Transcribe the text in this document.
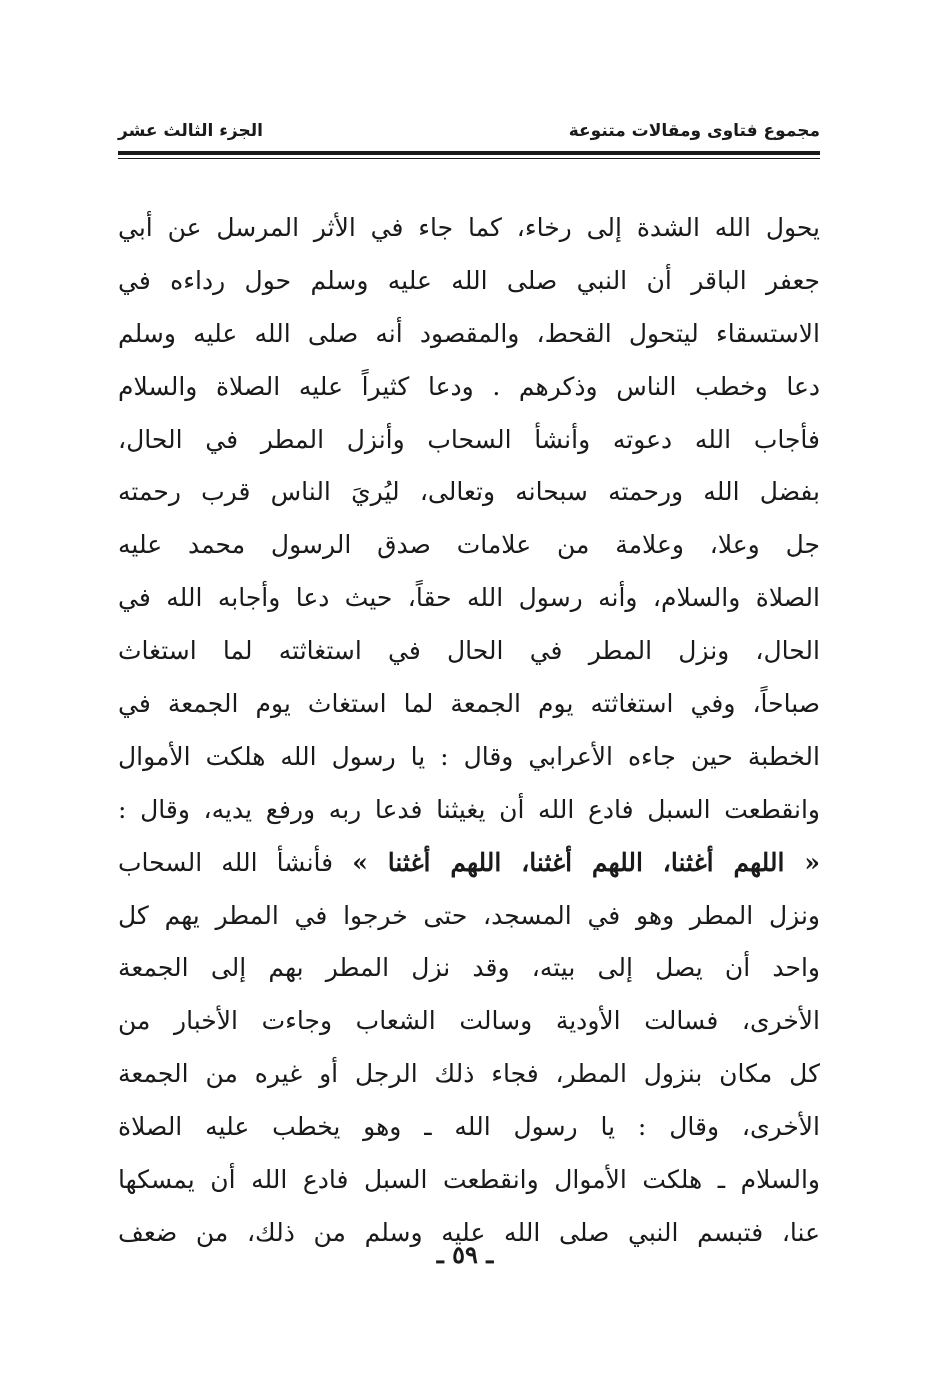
مجموع فتاوى ومقالات متنوعة
الجزء الثالث عشر
يحول الله الشدة إلى رخاء، كما جاء في الأثر المرسل عن أبي
جعفر الباقر أن النبي صلى الله عليه وسلم حول رداءه في
الاستسقاء ليتحول القحط، والمقصود أنه صلى الله عليه وسلم
دعا وخطب الناس وذكرهم . ودعا كثيراً عليه الصلاة والسلام
فأجاب الله دعوته وأنشأ السحاب وأنزل المطر في الحال،
بفضل الله ورحمته سبحانه وتعالى، ليُريَ الناس قرب رحمته
جل وعلا، وعلامة من علامات صدق الرسول محمد عليه
الصلاة والسلام، وأنه رسول الله حقاً، حيث دعا وأجابه الله في
الحال، ونزل المطر في الحال في استغاثته لما استغاث
صباحاً، وفي استغاثته يوم الجمعة لما استغاث يوم الجمعة في
الخطبة حين جاءه الأعرابي وقال : يا رسول الله هلكت الأموال
وانقطعت السبل فادع الله أن يغيثنا فدعا ربه ورفع يديه، وقال :
« اللهم أغثنا، اللهم أغثنا، اللهم أغثنا » فأنشأ الله السحاب
ونزل المطر وهو في المسجد، حتى خرجوا في المطر يهم كل
واحد أن يصل إلى بيته، وقد نزل المطر بهم إلى الجمعة
الأخرى، فسالت الأودية وسالت الشعاب وجاءت الأخبار من
كل مكان بنزول المطر، فجاء ذلك الرجل أو غيره من الجمعة
الأخرى، وقال : يا رسول الله ـ وهو يخطب عليه الصلاة
والسلام ـ هلكت الأموال وانقطعت السبل فادع الله أن يمسكها
عنا، فتبسم النبي صلى الله عليه وسلم من ذلك، من ضعف
ـ ٥٩ ـ
